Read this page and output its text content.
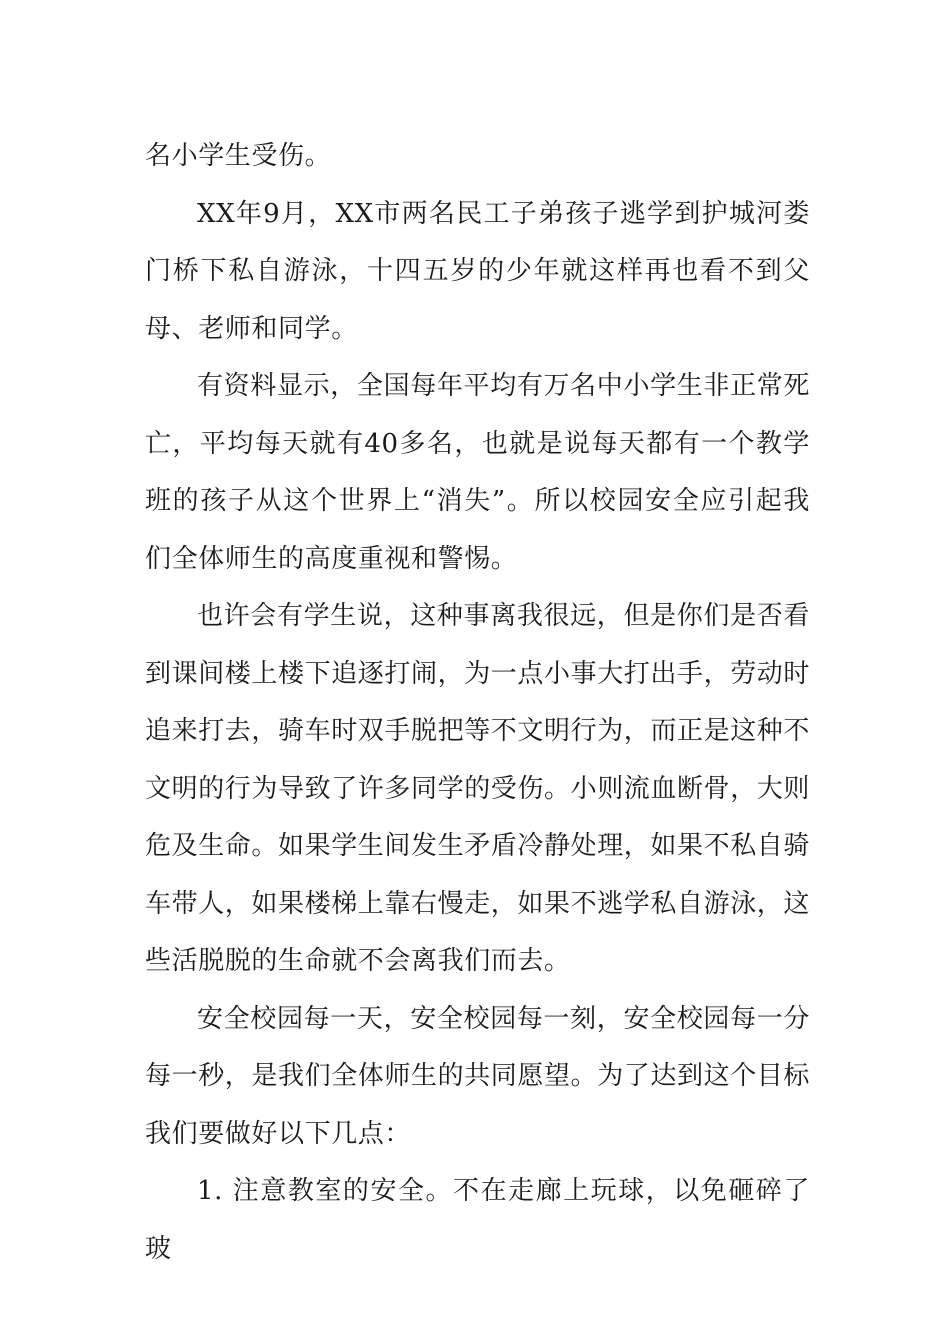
名小学生受伤。

XX年9月，XX市两名民工子弟孩子逃学到护城河娄门桥下私自游泳，十四五岁的少年就这样再也看不到父母、老师和同学。

有资料显示，全国每年平均有万名中小学生非正常死亡，平均每天就有40多名，也就是说每天都有一个教学班的孩子从这个世界上“消失”。所以校园安全应引起我们全体师生的高度重视和警惕。

也许会有学生说，这种事离我很远，但是你们是否看到课间楼上楼下追逐打闹，为一点小事大打出手，劳动时追来打去，骑车时双手脱把等不文明行为，而正是这种不文明的行为导致了许多同学的受伤。小则流血断骨，大则危及生命。如果学生间发生矛盾冷静处理，如果不私自骑车带人，如果楼梯上靠右慢走，如果不逃学私自游泳，这些活脱脱的生命就不会离我们而去。

安全校园每一天，安全校园每一刻，安全校园每一分每一秒，是我们全体师生的共同愿望。为了达到这个目标我们要做好以下几点：

1. 注意教室的安全。不在走廊上玩球，以免砸碎了玻
